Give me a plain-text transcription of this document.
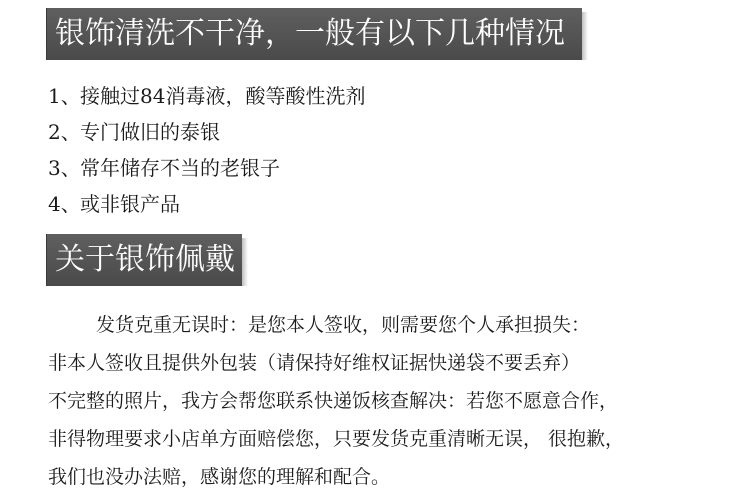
银饰清洗不干净，一般有以下几种情况
1、接触过84消毒液，酸等酸性洗剂
2、专门做旧的泰银
3、常年储存不当的老银子
4、或非银产品
关于银饰佩戴
发货克重无误时：是您本人签收，则需要您个人承担损失：
非本人签收且提供外包装（请保持好维权证据快递袋不要丢弃）
不完整的照片，我方会帮您联系快递饭核查解决：若您不愿意合作，
非得物理要求小店单方面赔偿您，只要发货克重清晰无误， 很抱歉，
我们也没办法赔，感谢您的理解和配合。
